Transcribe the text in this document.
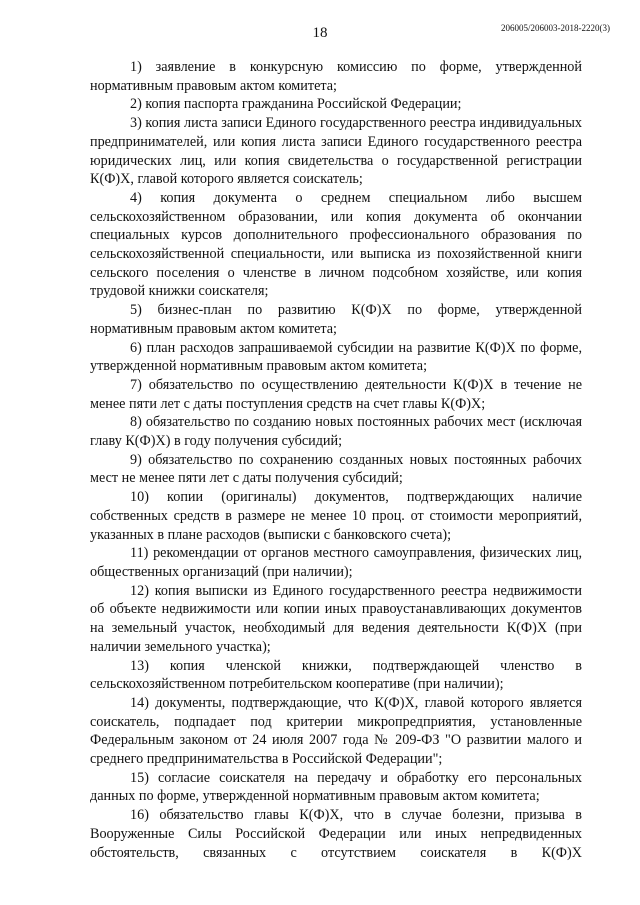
18	206005/206003-2018-2220(3)

1) заявление в конкурсную комиссию по форме, утвержденной нормативным правовым актом комитета;

2) копия паспорта гражданина Российской Федерации;

3) копия листа записи Единого государственного реестра индивидуальных предпринимателей, или копия листа записи Единого государственного реестра юридических лиц, или копия свидетельства о государственной регистрации К(Ф)Х, главой которого является соискатель;

4) копия документа о среднем специальном либо высшем сельскохозяйственном образовании, или копия документа об окончании специальных курсов дополнительного профессионального образования по сельскохозяйственной специальности, или выписка из похозяйственной книги сельского поселения о членстве в личном подсобном хозяйстве, или копия трудовой книжки соискателя;

5) бизнес-план по развитию К(Ф)Х по форме, утвержденной нормативным правовым актом комитета;

6) план расходов запрашиваемой субсидии на развитие К(Ф)Х по форме, утвержденной нормативным правовым актом комитета;

7) обязательство по осуществлению деятельности К(Ф)Х в течение не менее пяти лет с даты поступления средств на счет главы К(Ф)Х;

8) обязательство по созданию новых постоянных рабочих мест (исключая главу К(Ф)Х) в году получения субсидий;

9) обязательство по сохранению созданных новых постоянных рабочих мест не менее пяти лет с даты получения субсидий;

10) копии (оригиналы) документов, подтверждающих наличие собственных средств в размере не менее 10 проц. от стоимости мероприятий, указанных в плане расходов (выписки с банковского счета);

11) рекомендации от органов местного самоуправления, физических лиц, общественных организаций (при наличии);

12) копия выписки из Единого государственного реестра недвижимости об объекте недвижимости или копии иных правоустанавливающих документов на земельный участок, необходимый для ведения деятельности К(Ф)Х (при наличии земельного участка);

13) копия членской книжки, подтверждающей членство в сельскохозяйственном потребительском кооперативе (при наличии);

14) документы, подтверждающие, что К(Ф)Х, главой которого является соискатель, подпадает под критерии микропредприятия, установленные Федеральным законом от 24 июля 2007 года № 209-ФЗ "О развитии малого и среднего предпринимательства в Российской Федерации";

15) согласие соискателя на передачу и обработку его персональных данных по форме, утвержденной нормативным правовым актом комитета;

16) обязательство главы К(Ф)Х, что в случае болезни, призыва в Вооруженные Силы Российской Федерации или иных непредвиденных обстоятельств, связанных с отсутствием соискателя в К(Ф)Х
